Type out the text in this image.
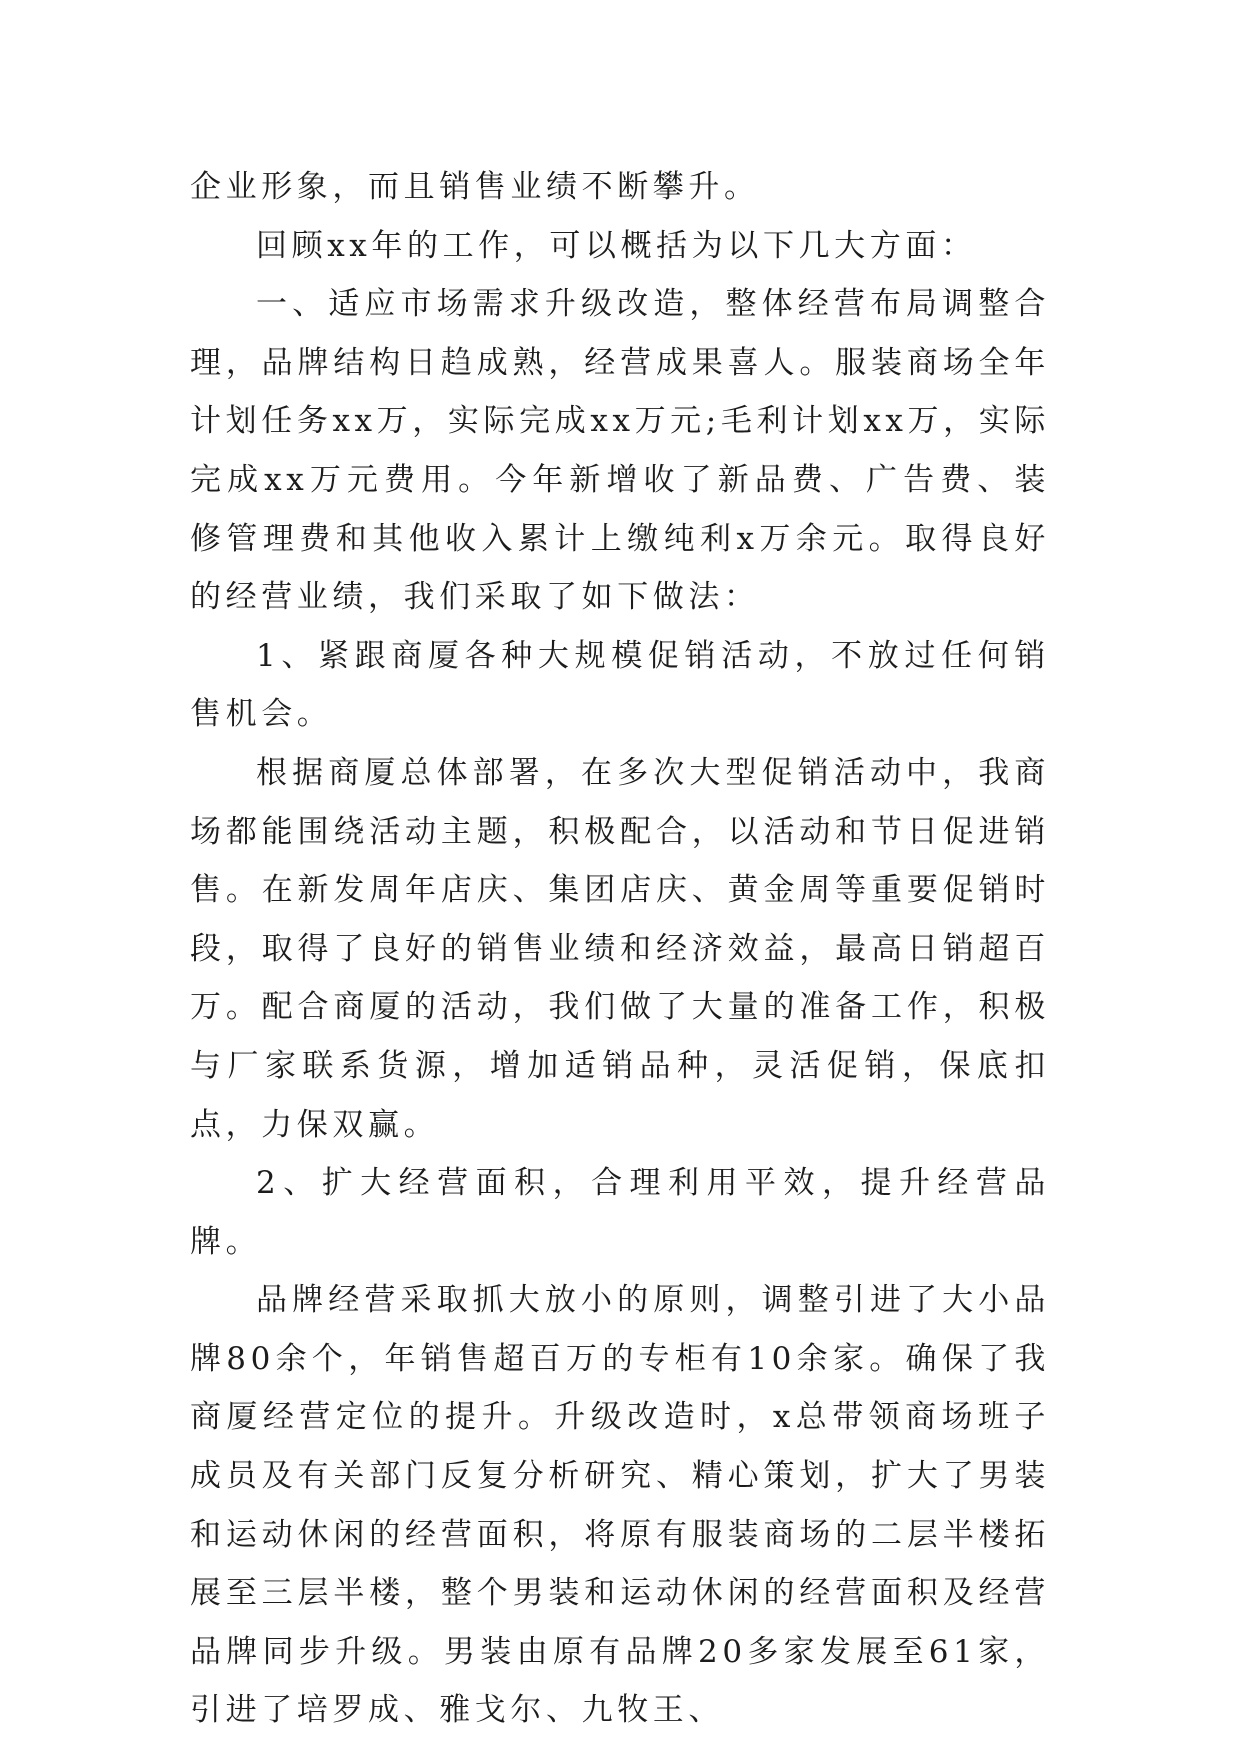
企业形象，而且销售业绩不断攀升。

回顾xx年的工作，可以概括为以下几大方面：

一、适应市场需求升级改造，整体经营布局调整合理，品牌结构日趋成熟，经营成果喜人。服装商场全年计划任务xx万，实际完成xx万元;毛利计划xx万，实际完成xx万元费用。今年新增收了新品费、广告费、装修管理费和其他收入累计上缴纯利x万余元。取得良好的经营业绩，我们采取了如下做法：

1、紧跟商厦各种大规模促销活动，不放过任何销售机会。

根据商厦总体部署，在多次大型促销活动中，我商场都能围绕活动主题，积极配合，以活动和节日促进销售。在新发周年店庆、集团店庆、黄金周等重要促销时段，取得了良好的销售业绩和经济效益，最高日销超百万。配合商厦的活动，我们做了大量的准备工作，积极与厂家联系货源，增加适销品种，灵活促销，保底扣点，力保双赢。

2、扩大经营面积，合理利用平效，提升经营品牌。

品牌经营采取抓大放小的原则，调整引进了大小品牌80余个，年销售超百万的专柜有10余家。确保了我商厦经营定位的提升。升级改造时，x总带领商场班子成员及有关部门反复分析研究、精心策划，扩大了男装和运动休闲的经营面积，将原有服装商场的二层半楼拓展至三层半楼，整个男装和运动休闲的经营面积及经营品牌同步升级。男装由原有品牌20多家发展至61家，引进了培罗成、雅戈尔、九牧王、
